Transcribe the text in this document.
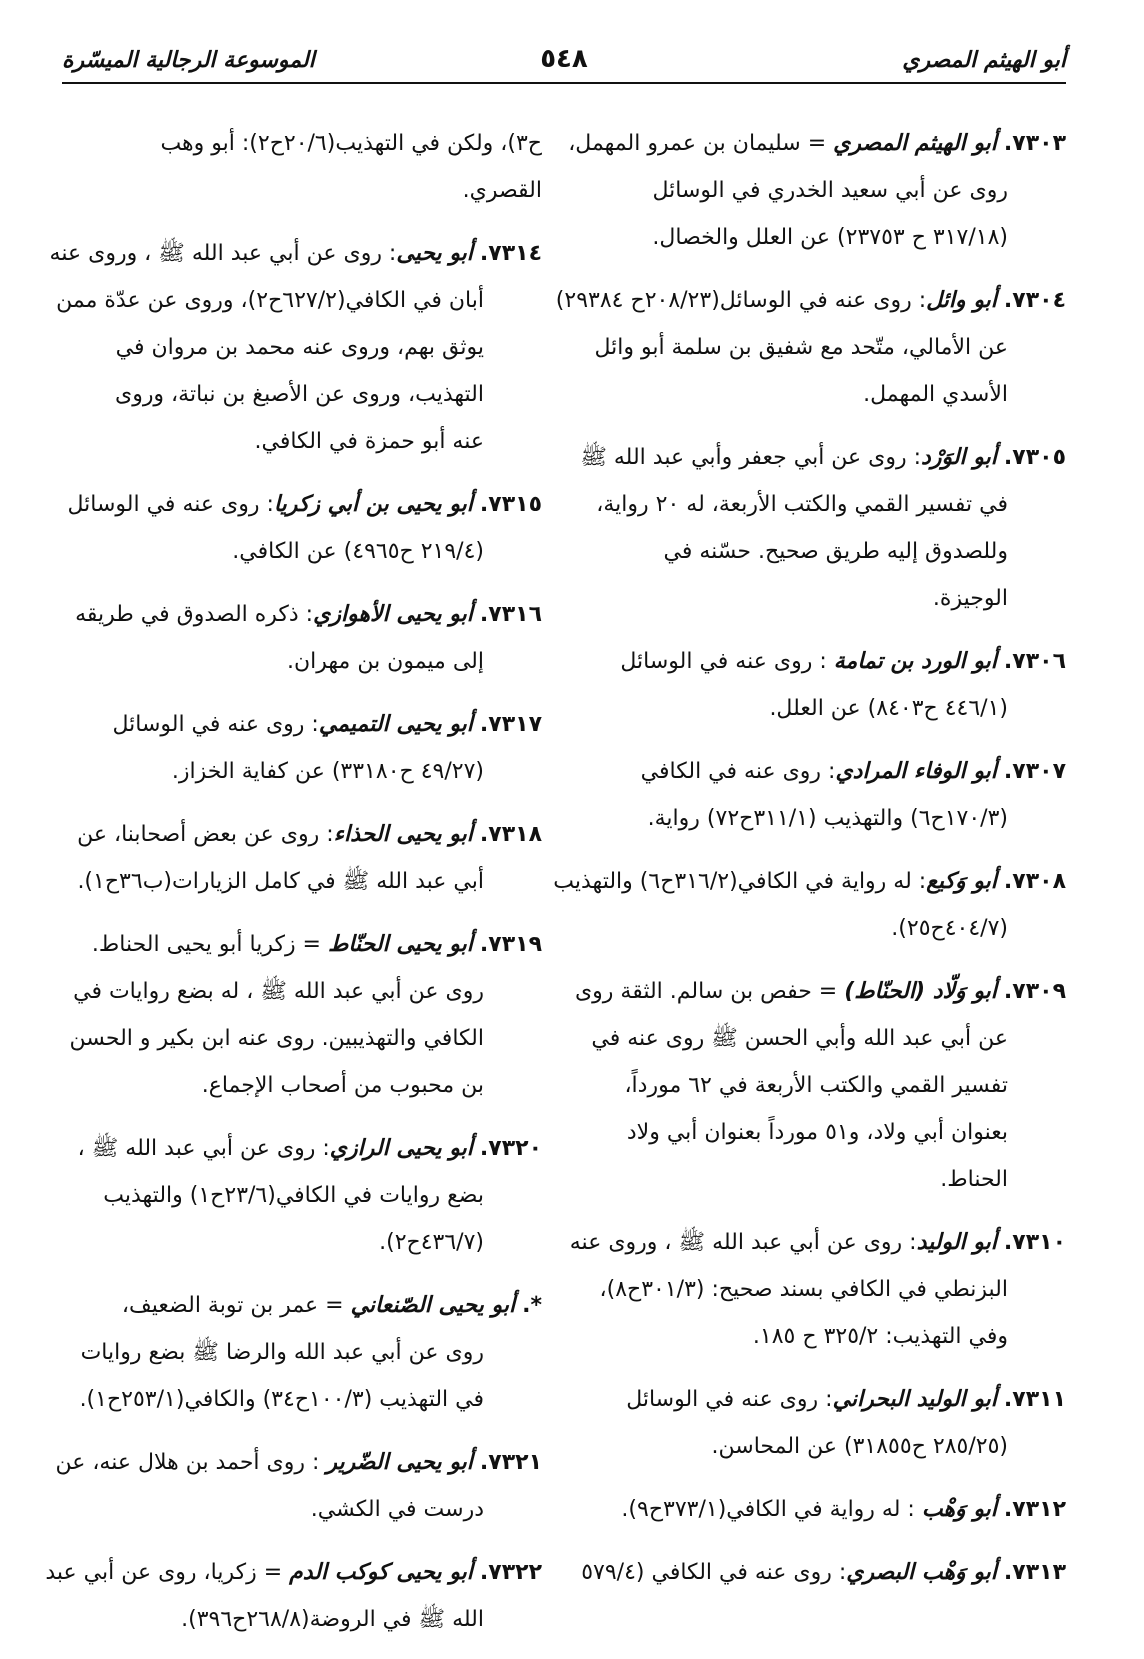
أبو الهيثم المصري
٥٤٨
الموسوعة الرجالية الميسّرة
٧٣٠٣. أبو الهيثم المصري = سليمان بن عمرو المهمل،
روى عن أبي سعيد الخدري في الوسائل
(٣١٧/١٨ ح ٢٣٧٥٣) عن العلل والخصال.
٧٣٠٤. أبو وائل: روى عنه في الوسائل(٢٠٨/٢٣ح ٢٩٣٨٤)
عن الأمالي، متّحد مع شفيق بن سلمة أبو وائل
الأسدي المهمل.
٧٣٠٥. أبو الوَرْد: روى عن أبي جعفر وأبي عبد الله ﷺ
في تفسير القمي والكتب الأربعة، له ٢٠ رواية،
وللصدوق إليه طريق صحيح. حسّنه في
الوجيزة.
٧٣٠٦. أبو الورد بن تمامة : روى عنه في الوسائل
(٤٤٦/١ ح٨٤٠٣) عن العلل.
٧٣٠٧. أبو الوفاء المرادي: روى عنه في الكافي
(١٧٠/٣ح٦) والتهذيب (٣١١/١ح٧٢) رواية.
٧٣٠٨. أبو وَكيع: له رواية في الكافي(٣١٦/٢ح٦) والتهذيب
(٤٠٤/٧ح٢٥).
٧٣٠٩. أبو وَلّاد (الحنّاط) = حفص بن سالم. الثقة روى
عن أبي عبد الله وأبي الحسن ﷺ روى عنه في
تفسير القمي والكتب الأربعة في ٦٢ مورداً،
بعنوان أبي ولاد، و٥١ مورداً بعنوان أبي ولاد
الحناط.
٧٣١٠. أبو الوليد: روى عن أبي عبد الله ﷺ ، وروى عنه
البزنطي في الكافي بسند صحيح: (٣٠١/٣ح٨)،
وفي التهذيب: ٣٢٥/٢ ح ١٨٥.
٧٣١١. أبو الوليد البحراني: روى عنه في الوسائل
(٢٨٥/٢٥ ح٣١٨٥٥) عن المحاسن.
٧٣١٢. أبو وَهْب : له رواية في الكافي(٣٧٣/١ح٩).
٧٣١٣. أبو وَهْب البصري: روى عنه في الكافي (٥٧٩/٤
ح٣)، ولكن في التهذيب(٢٠/٦ح٢): أبو وهب
القصري.
٧٣١٤. أبو يحيى: روى عن أبي عبد الله ﷺ ، وروى عنه
أبان في الكافي(٦٢٧/٢ح٢)، وروى عن عدّة ممن
يوثق بهم، وروى عنه محمد بن مروان في
التهذيب، وروى عن الأصبغ بن نباتة، وروى
عنه أبو حمزة في الكافي.
٧٣١٥. أبو يحيى بن أبي زكريا: روى عنه في الوسائل
(٢١٩/٤ ح٤٩٦٥) عن الكافي.
٧٣١٦. أبو يحيى الأهوازي: ذكره الصدوق في طريقه
إلى ميمون بن مهران.
٧٣١٧. أبو يحيى التميمي: روى عنه في الوسائل
(٤٩/٢٧ ح٣٣١٨٠) عن كفاية الخزاز.
٧٣١٨. أبو يحيى الحذاء: روى عن بعض أصحابنا، عن
أبي عبد الله ﷺ في كامل الزيارات(ب٣٦ح١).
٧٣١٩. أبو يحيى الحنّاط = زكريا أبو يحيى الحناط.
روى عن أبي عبد الله ﷺ ، له بضع روايات في
الكافي والتهذيبين. روى عنه ابن بكير و الحسن
بن محبوب من أصحاب الإجماع.
٧٣٢٠. أبو يحيى الرازي: روى عن أبي عبد الله ﷺ ،
بضع روايات في الكافي(٢٣/٦ح١) والتهذيب
(٤٣٦/٧ح٢).
*. أبو يحيى الصّنعاني = عمر بن توبة الضعيف،
روى عن أبي عبد الله والرضا ﷺ بضع روايات
في التهذيب (١٠٠/٣ح٣٤) والكافي(٢٥٣/١ح١).
٧٣٢١. أبو يحيى الضّرير : روى أحمد بن هلال عنه، عن
درست في الكشي.
٧٣٢٢. أبو يحيى كوكب الدم = زكريا، روى عن أبي عبد
الله ﷺ في الروضة(٢٦٨/٨ح٣٩٦).
